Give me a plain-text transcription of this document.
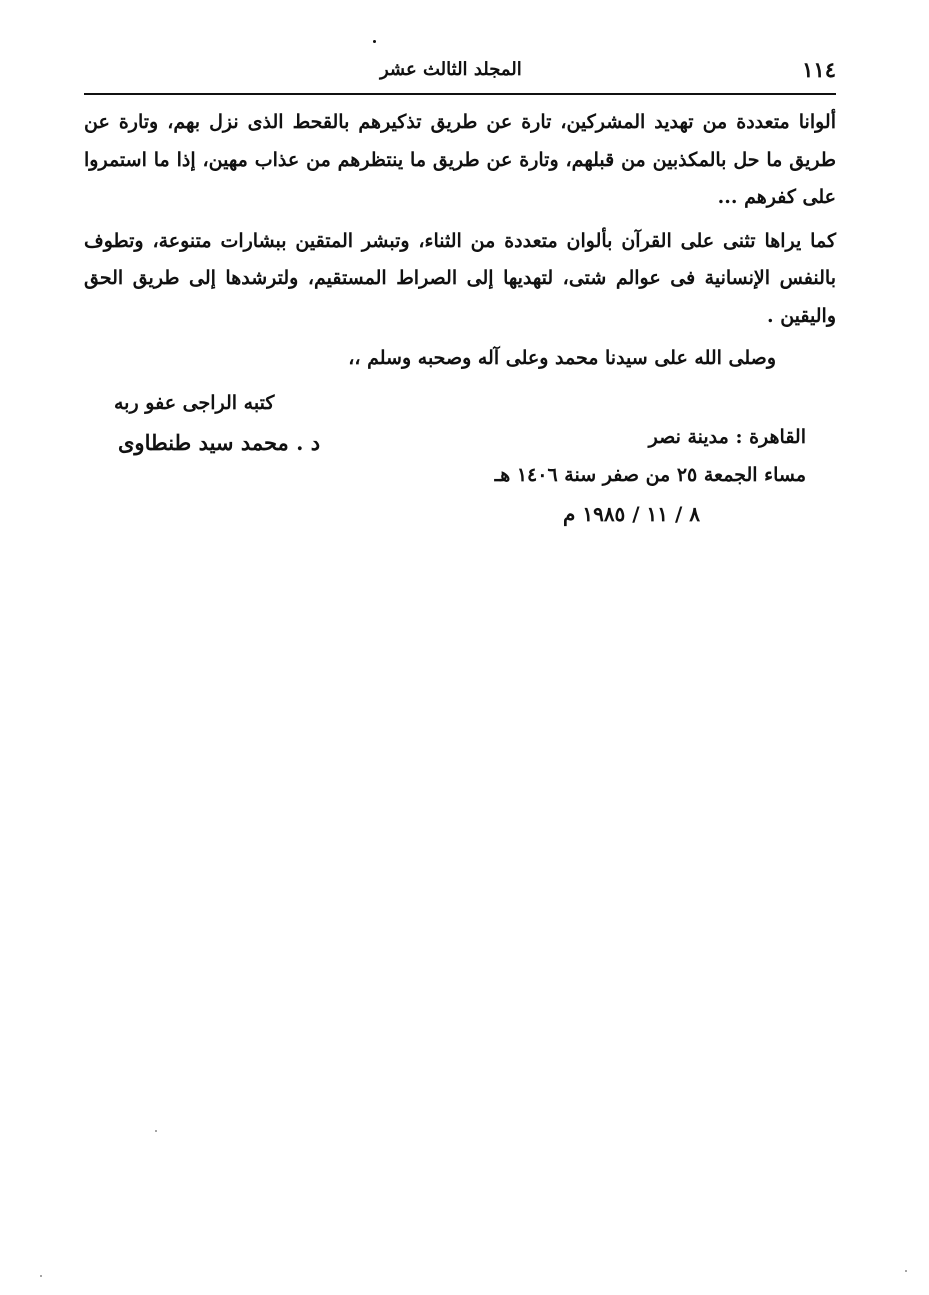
١١٤
المجلد الثالث عشر

ألوانا متعددة من تهديد المشركين، تارة عن طريق تذكيرهم بالقحط الذى نزل بهم، وتارة عن طريق ما حل بالمكذبين من قبلهم، وتارة عن طريق ما ينتظرهم من عذاب مهين، إذا ما استمروا على كفرهم ...

كما يراها تثنى على القرآن بألوان متعددة من الثناء، وتبشر المتقين ببشارات متنوعة، وتطوف بالنفس الإنسانية فى عوالم شتى، لتهديها إلى الصراط المستقيم، ولترشدها إلى طريق الحق واليقين .

وصلى الله على سيدنا محمد وعلى آله وصحبه وسلم ،،

كتبه الراجى عفو ربه
د . محمد سيد طنطاوى	القاهرة : مدينة نصر
مساء الجمعة ٢٥ من صفر سنة ١٤٠٦ هـ
٨ / ١١ / ١٩٨٥ م
